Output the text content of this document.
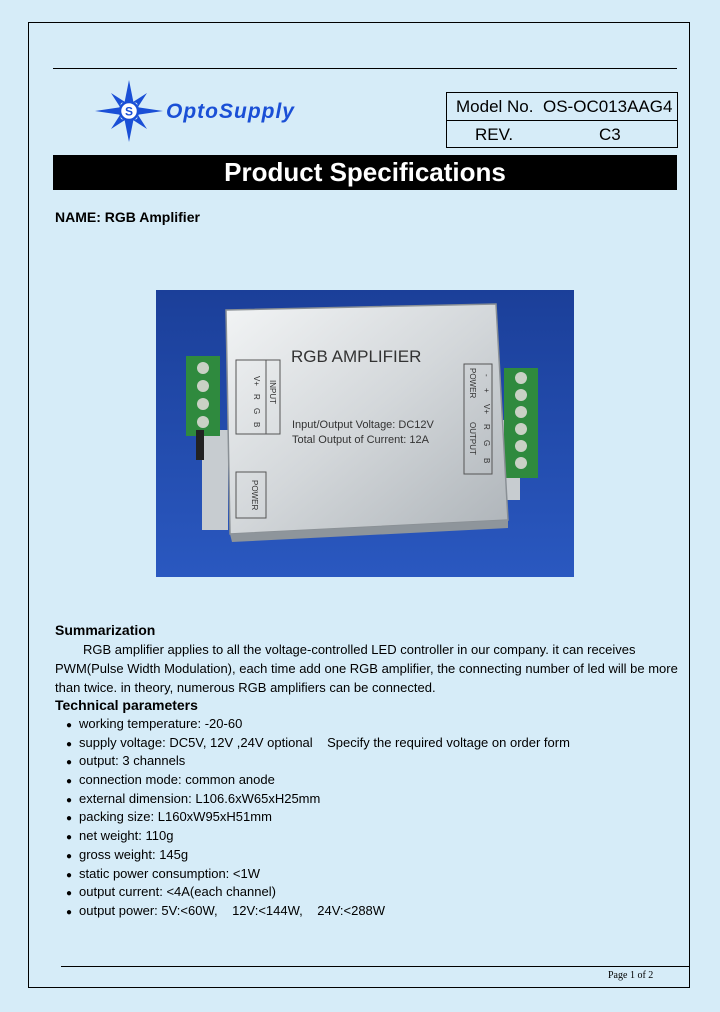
S OptoSupply	Model No. OS-OC013AAG4
REV.	C3
Product Specifications
NAME: RGB Amplifier
RGB AMPLIFIER
Input/Output Voltage: DC12V
Total Output of Current: 12A
V+
R
G
B
INPUT
POWER
POWER
OUTPUT
B
G
R
V+
+
-
Summarization
RGB amplifier applies to all the voltage-controlled LED controller in our company. it can receives
PWM(Pulse Width Modulation), each time add one RGB amplifier, the connecting number of led will be more
than twice. in theory, numerous RGB amplifiers can be connected.
Technical parameters
● working temperature: -20-60
● supply voltage: DC5V, 12V ,24V optional    Specify the required voltage on order form
● output: 3 channels
● connection mode: common anode
● external dimension: L106.6xW65xH25mm
● packing size: L160xW95xH51mm
● net weight: 110g
● gross weight: 145g
● static power consumption: <1W
● output current: <4A(each channel)
● output power: 5V:<60W,    12V:<144W,    24V:<288W
Page 1 of 2
